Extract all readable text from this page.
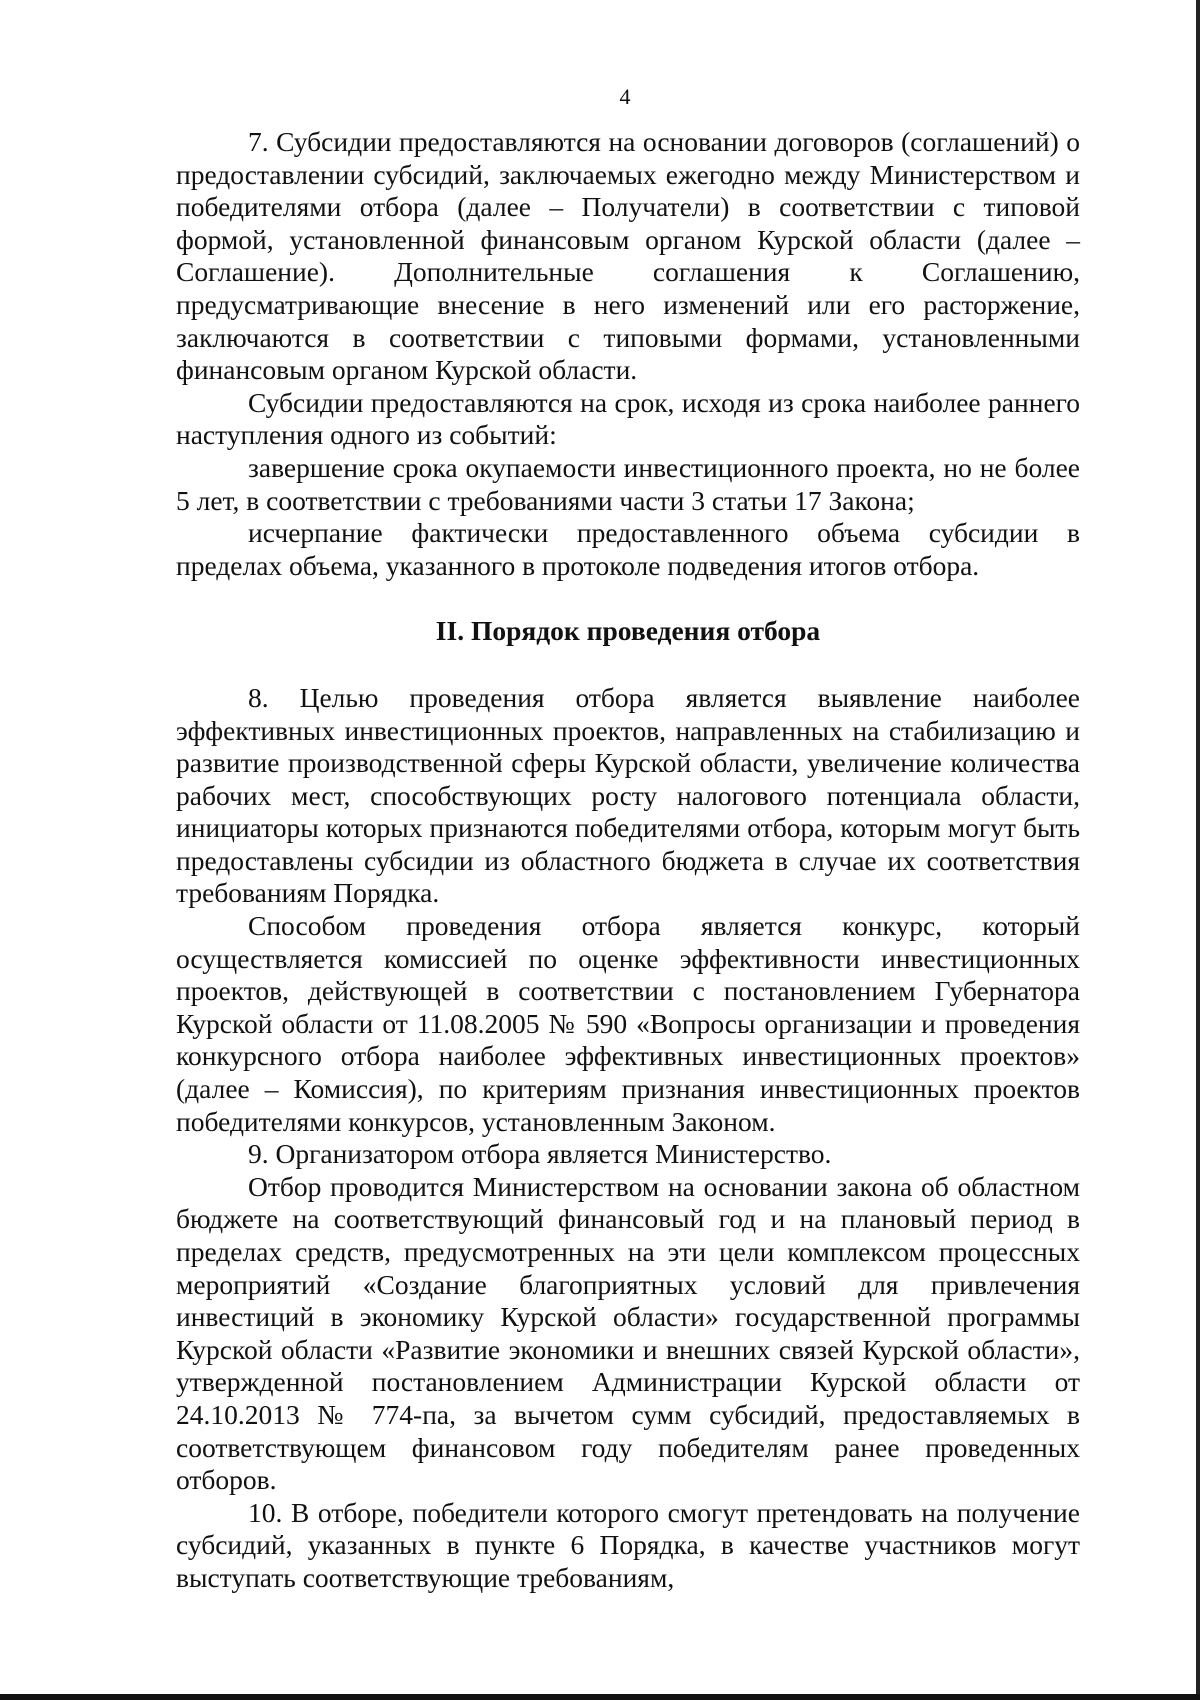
4

7. Субсидии предоставляются на основании договоров (соглашений) о предоставлении субсидий, заключаемых ежегодно между Министерством и победителями отбора (далее – Получатели) в соответствии с типовой формой, установленной финансовым органом Курской области (далее – Соглашение). Дополнительные соглашения к Соглашению, предусматривающие внесение в него изменений или его расторжение, заключаются в соответствии с типовыми формами, установленными финансовым органом Курской области.

Субсидии предоставляются на срок, исходя из срока наиболее раннего наступления одного из событий:

завершение срока окупаемости инвестиционного проекта, но не более 5 лет, в соответствии с требованиями части 3 статьи 17 Закона;

исчерпание фактически предоставленного объема субсидии в пределах объема, указанного в протоколе подведения итогов отбора.

II. Порядок проведения отбора

8. Целью проведения отбора является выявление наиболее эффективных инвестиционных проектов, направленных на стабилизацию и развитие производственной сферы Курской области, увеличение количества рабочих мест, способствующих росту налогового потенциала области, инициаторы которых признаются победителями отбора, которым могут быть предоставлены субсидии из областного бюджета в случае их соответствия требованиям Порядка.

Способом проведения отбора является конкурс, который осуществляется комиссией по оценке эффективности инвестиционных проектов, действующей в соответствии с постановлением Губернатора Курской области от 11.08.2005 № 590 «Вопросы организации и проведения конкурсного отбора наиболее эффективных инвестиционных проектов» (далее – Комиссия), по критериям признания инвестиционных проектов победителями конкурсов, установленным Законом.

9. Организатором отбора является Министерство.

Отбор проводится Министерством на основании закона об областном бюджете на соответствующий финансовый год и на плановый период в пределах средств, предусмотренных на эти цели комплексом процессных мероприятий «Создание благоприятных условий для привлечения инвестиций в экономику Курской области» государственной программы Курской области «Развитие экономики и внешних связей Курской области», утвержденной постановлением Администрации Курской области от 24.10.2013 № 774-па, за вычетом сумм субсидий, предоставляемых в соответствующем финансовом году победителям ранее проведенных отборов.

10. В отборе, победители которого смогут претендовать на получение субсидий, указанных в пункте 6 Порядка, в качестве участников могут выступать соответствующие требованиям,
